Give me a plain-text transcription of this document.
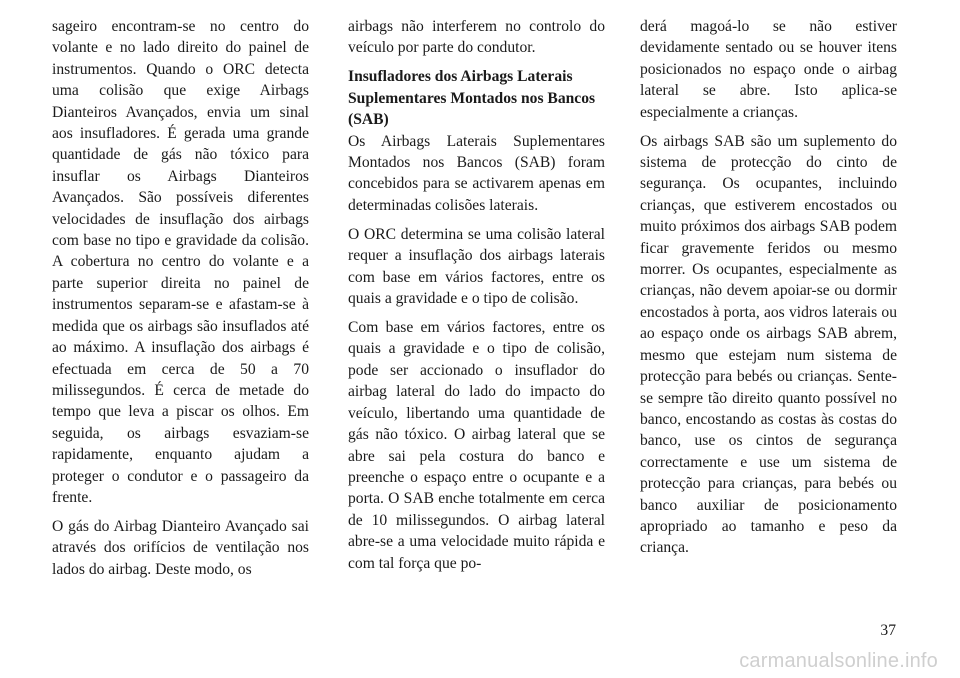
sageiro encontram-se no centro do volante e no lado direito do painel de instrumentos. Quando o ORC detecta uma colisão que exige Airbags Dianteiros Avançados, envia um sinal aos insufladores. É gerada uma grande quantidade de gás não tóxico para insuflar os Airbags Dianteiros Avançados. São possíveis diferentes velocidades de insuflação dos airbags com base no tipo e gravidade da colisão. A cobertura no centro do volante e a parte superior direita no painel de instrumentos separam-se e afastam-se à medida que os airbags são insuflados até ao máximo. A insuflação dos airbags é efectuada em cerca de 50 a 70 milissegundos. É cerca de metade do tempo que leva a piscar os olhos. Em seguida, os airbags esvaziam-se rapidamente, enquanto ajudam a proteger o condutor e o passageiro da frente.

O gás do Airbag Dianteiro Avançado sai através dos orifícios de ventilação nos lados do airbag. Deste modo, os

airbags não interferem no controlo do veículo por parte do condutor.

Insufladores dos Airbags Laterais Suplementares Montados nos Bancos (SAB)

Os Airbags Laterais Suplementares Montados nos Bancos (SAB) foram concebidos para se activarem apenas em determinadas colisões laterais.

O ORC determina se uma colisão lateral requer a insuflação dos airbags laterais com base em vários factores, entre os quais a gravidade e o tipo de colisão.

Com base em vários factores, entre os quais a gravidade e o tipo de colisão, pode ser accionado o insuflador do airbag lateral do lado do impacto do veículo, libertando uma quantidade de gás não tóxico. O airbag lateral que se abre sai pela costura do banco e preenche o espaço entre o ocupante e a porta. O SAB enche totalmente em cerca de 10 milissegundos. O airbag lateral abre-se a uma velocidade muito rápida e com tal força que po-

derá magoá-lo se não estiver devidamente sentado ou se houver itens posicionados no espaço onde o airbag lateral se abre. Isto aplica-se especialmente a crianças.

Os airbags SAB são um suplemento do sistema de protecção do cinto de segurança. Os ocupantes, incluindo crianças, que estiverem encostados ou muito próximos dos airbags SAB podem ficar gravemente feridos ou mesmo morrer. Os ocupantes, especialmente as crianças, não devem apoiar-se ou dormir encostados à porta, aos vidros laterais ou ao espaço onde os airbags SAB abrem, mesmo que estejam num sistema de protecção para bebés ou crianças. Sente-se sempre tão direito quanto possível no banco, encostando as costas às costas do banco, use os cintos de segurança correctamente e use um sistema de protecção para crianças, para bebés ou banco auxiliar de posicionamento apropriado ao tamanho e peso da criança.

37
carmanualsonline.info
